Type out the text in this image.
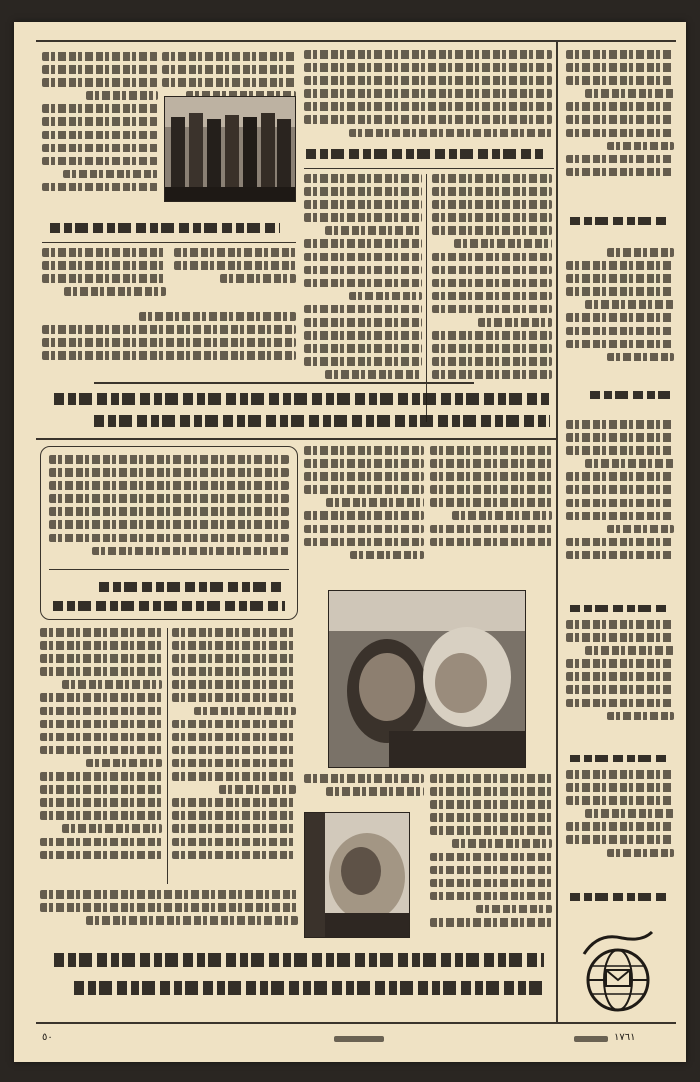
٥٠	۱٧٦١
